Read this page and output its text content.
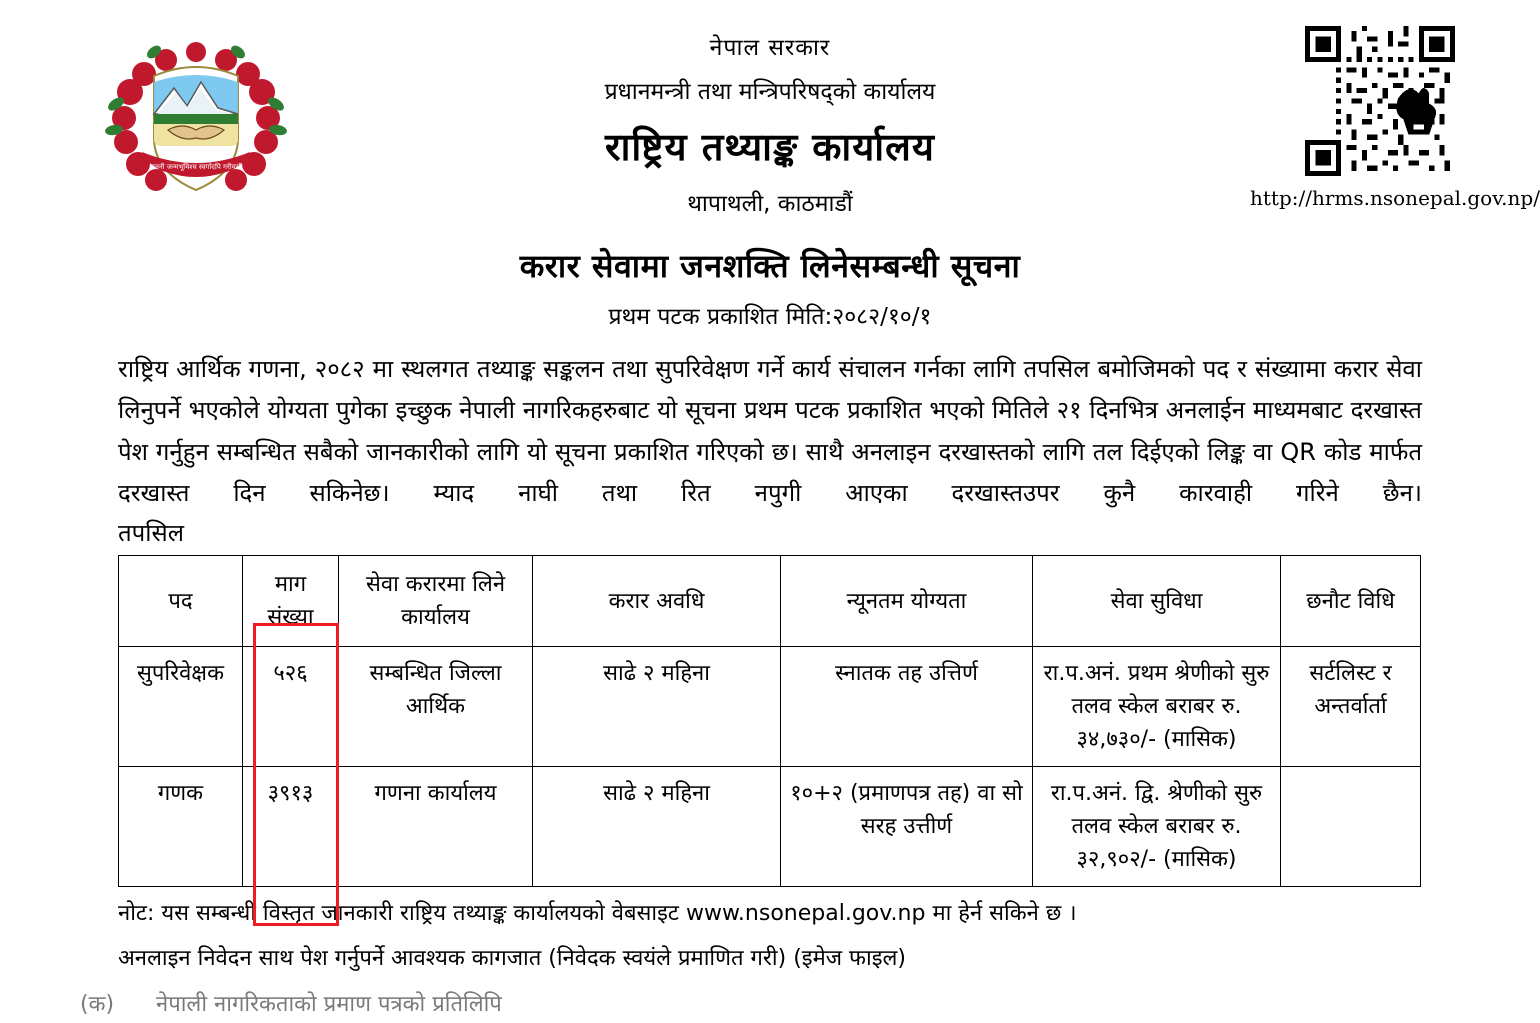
जननी जन्मभूमिश्च स्वर्गादपि गरीयसी
नेपाल सरकार
प्रधानमन्त्री तथा मन्त्रिपरिषद्को कार्यालय
राष्ट्रिय तथ्याङ्क कार्यालय
थापाथली, काठमाडौं	http://hrms.nsonepal.gov.np/
करार सेवामा जनशक्ति लिनेसम्बन्धी सूचना
प्रथम पटक प्रकाशित मिति:२०८२/१०/१
राष्ट्रिय आर्थिक गणना, २०८२ मा स्थलगत तथ्याङ्क सङ्कलन तथा सुपरिवेक्षण गर्ने कार्य संचालन गर्नका लागि तपसिल बमोजिमको पद र संख्यामा करार सेवा लिनुपर्ने भएकोले योग्यता पुगेका इच्छुक नेपाली नागरिकहरुबाट यो सूचना प्रथम पटक प्रकाशित भएको मितिले २१ दिनभित्र अनलाईन माध्यमबाट दरखास्त पेश गर्नुहुन सम्बन्धित सबैको जानकारीको लागि यो सूचना प्रकाशित गरिएको छ। साथै अनलाइन दरखास्तको लागि तल दिईएको लिङ्क वा QR कोड मार्फत दरखास्त दिन सकिनेछ। म्याद नाघी तथा रित नपुगी आएका दरखास्तउपर कुनै कारवाही गरिने छैन।
तपसिल
पद	माग संख्या	सेवा करारमा लिने कार्यालय	करार अवधि	न्यूनतम योग्यता	सेवा सुविधा	छनौट विधि
सुपरिवेक्षक	५२६	सम्बन्धित जिल्ला आर्थिक	साढे २ महिना	स्नातक तह उत्तिर्ण	रा.प.अनं. प्रथम श्रेणीको सुरु तलव स्केल बराबर रु. ३४,७३०/- (मासिक)	सर्टलिस्ट र अन्तर्वार्ता
गणक	३९१३	गणना कार्यालय	साढे २ महिना	१०+२ (प्रमाणपत्र तह) वा सो सरह उत्तीर्ण	रा.प.अनं. द्वि. श्रेणीको सुरु तलव स्केल बराबर रु. ३२,९०२/- (मासिक)	
नोट: यस सम्बन्धी विस्तृत जानकारी राष्ट्रिय तथ्याङ्क कार्यालयको वेबसाइट www.nsonepal.gov.np मा हेर्न सकिने छ ।
अनलाइन निवेदन साथ पेश गर्नुपर्ने आवश्यक कागजात (निवेदक स्वयंले प्रमाणित गरी) (इमेज फाइल)
(क)      नेपाली नागरिकताको प्रमाण पत्रको प्रतिलिपि
